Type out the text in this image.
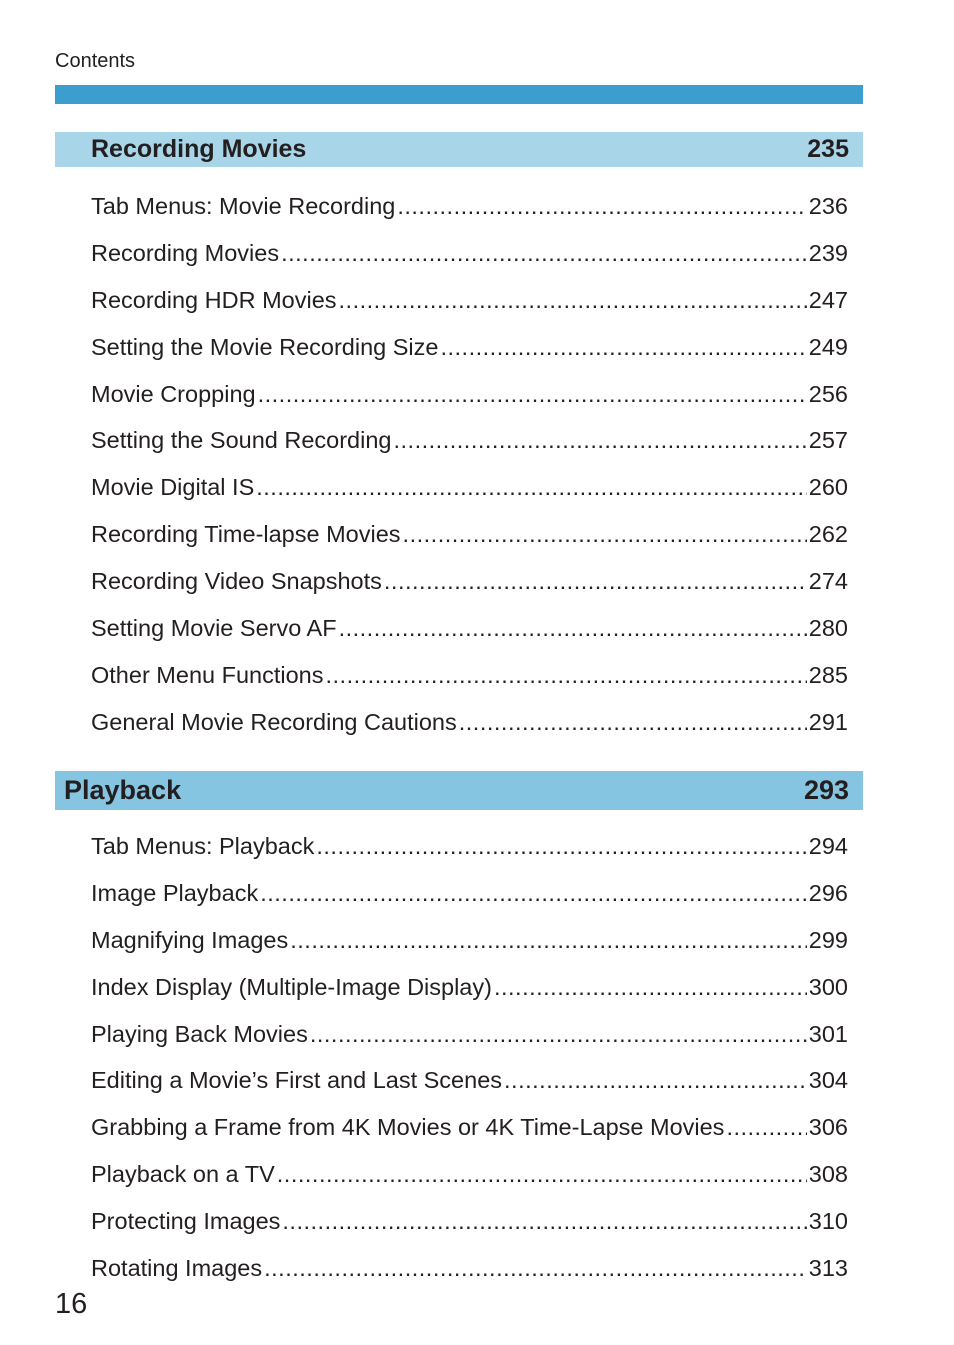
Contents
Recording Movies	235
Tab Menus: Movie Recording .....	236
Recording Movies .....	239
Recording HDR Movies .....	247
Setting the Movie Recording Size .....	249
Movie Cropping .....	256
Setting the Sound Recording .....	257
Movie Digital IS .....	260
Recording Time-lapse Movies .....	262
Recording Video Snapshots .....	274
Setting Movie Servo AF .....	280
Other Menu Functions .....	285
General Movie Recording Cautions .....	291
Playback	293
Tab Menus: Playback .....	294
Image Playback .....	296
Magnifying Images .....	299
Index Display (Multiple-Image Display) .....	300
Playing Back Movies .....	301
Editing a Movie’s First and Last Scenes .....	304
Grabbing a Frame from 4K Movies or 4K Time-Lapse Movies .....	306
Playback on a TV .....	308
Protecting Images .....	310
Rotating Images .....	313
16
